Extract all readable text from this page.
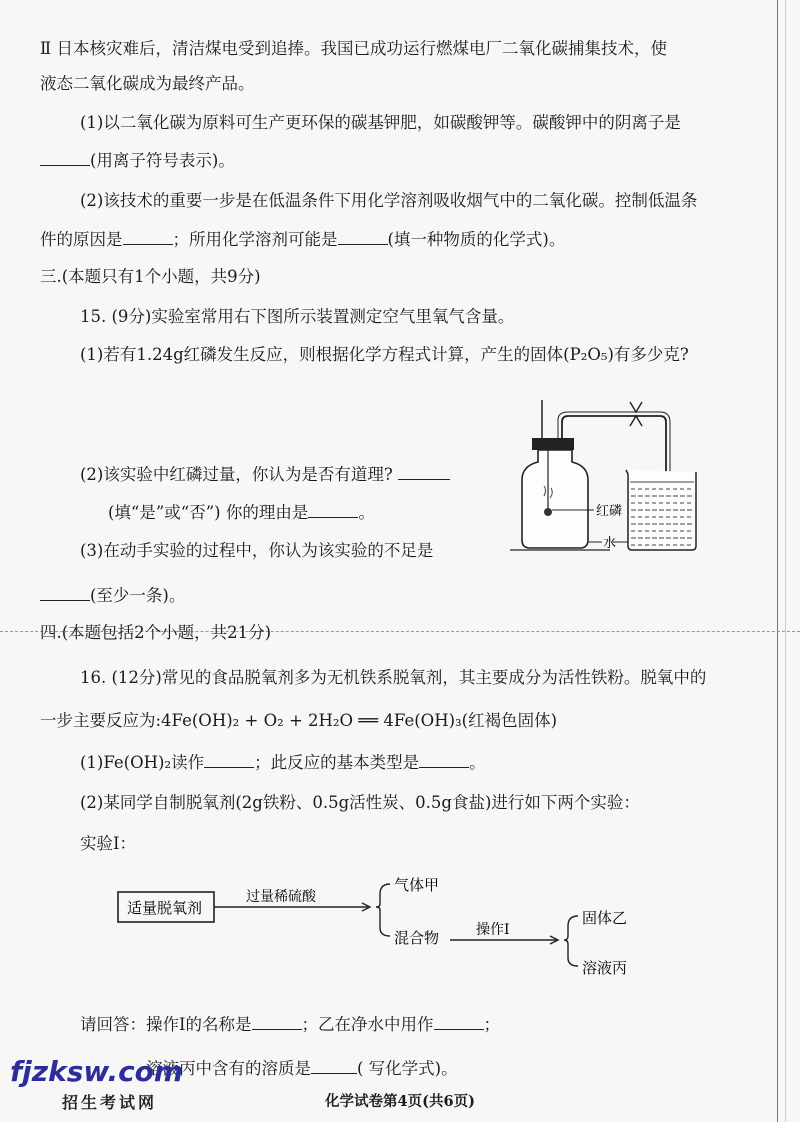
Ⅱ 日本核灾难后，清洁煤电受到追捧。我国已成功运行燃煤电厂二氧化碳捕集技术，使
液态二氧化碳成为最终产品。
(1)以二氧化碳为原料可生产更环保的碳基钾肥，如碳酸钾等。碳酸钾中的阴离子是
(用离子符号表示)。
(2)该技术的重要一步是在低温条件下用化学溶剂吸收烟气中的二氧化碳。控制低温条
件的原因是	；所用化学溶剂可能是	(填一种物质的化学式)。
三.(本题只有1个小题，共9分)
15. (9分)实验室常用右下图所示装置测定空气里氧气含量。
(1)若有1.24g红磷发生反应，则根据化学方程式计算，产生的固体(P₂O₅)有多少克?
(2)该实验中红磷过量，你认为是否有道理?
(填“是”或“否”) 你的理由是	。
(3)在动手实验的过程中，你认为该实验的不足是
(至少一条)。
红磷
水
四.(本题包括2个小题，共21分)
16. (12分)常见的食品脱氧剂多为无机铁系脱氧剂，其主要成分为活性铁粉。脱氧中的
一步主要反应为:4Fe(OH)₂ + O₂ + 2H₂O ══ 4Fe(OH)₃(红褐色固体)
(1)Fe(OH)₂读作	；此反应的基本类型是	。
(2)某同学自制脱氧剂(2g铁粉、0.5g活性炭、0.5g食盐)进行如下两个实验：
实验Ⅰ：
适量脱氧剂
过量稀硫酸
气体甲
混合物	操作Ⅰ
固体乙
溶液丙
请回答：操作Ⅰ的名称是	；乙在净水中用作	；
溶液丙中含有的溶质是	( 写化学式)。
fjzksw.com
招生考试网	化学试卷第4页(共6页)
